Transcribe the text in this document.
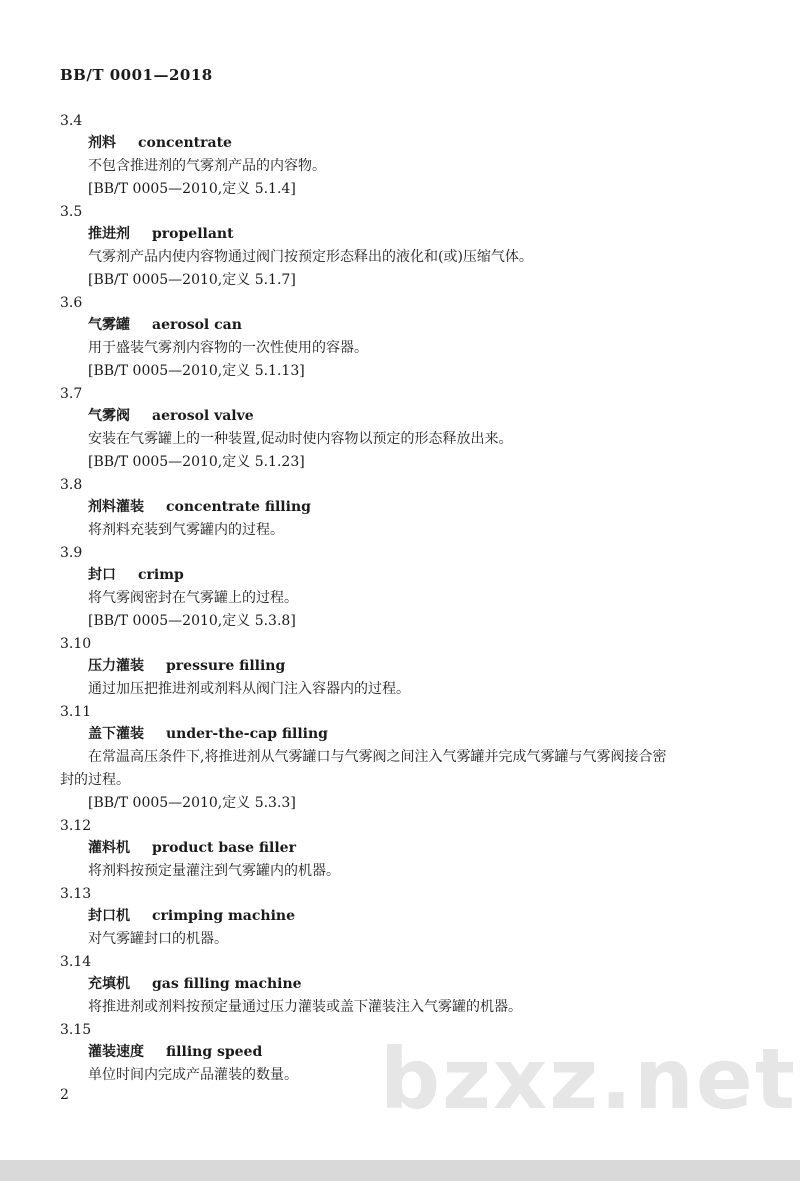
BB/T 0001—2018
3.4
剂料 concentrate
不包含推进剂的气雾剂产品的内容物。
[BB/T 0005—2010,定义 5.1.4]
3.5
推进剂 propellant
气雾剂产品内使内容物通过阀门按预定形态释出的液化和(或)压缩气体。
[BB/T 0005—2010,定义 5.1.7]
3.6
气雾罐 aerosol can
用于盛装气雾剂内容物的一次性使用的容器。
[BB/T 0005—2010,定义 5.1.13]
3.7
气雾阀 aerosol valve
安装在气雾罐上的一种装置,促动时使内容物以预定的形态释放出来。
[BB/T 0005—2010,定义 5.1.23]
3.8
剂料灌装 concentrate filling
将剂料充装到气雾罐内的过程。
3.9
封口 crimp
将气雾阀密封在气雾罐上的过程。
[BB/T 0005—2010,定义 5.3.8]
3.10
压力灌装 pressure filling
通过加压把推进剂或剂料从阀门注入容器内的过程。
3.11
盖下灌装 under-the-cap filling
在常温高压条件下,将推进剂从气雾罐口与气雾阀之间注入气雾罐并完成气雾罐与气雾阀接合密
封的过程。
[BB/T 0005—2010,定义 5.3.3]
3.12
灌料机 product base filler
将剂料按预定量灌注到气雾罐内的机器。
3.13
封口机 crimping machine
对气雾罐封口的机器。
3.14
充填机 gas filling machine
将推进剂或剂料按预定量通过压力灌装或盖下灌装注入气雾罐的机器。
3.15
灌装速度 filling speed
单位时间内完成产品灌装的数量。 bzxz.net
2
